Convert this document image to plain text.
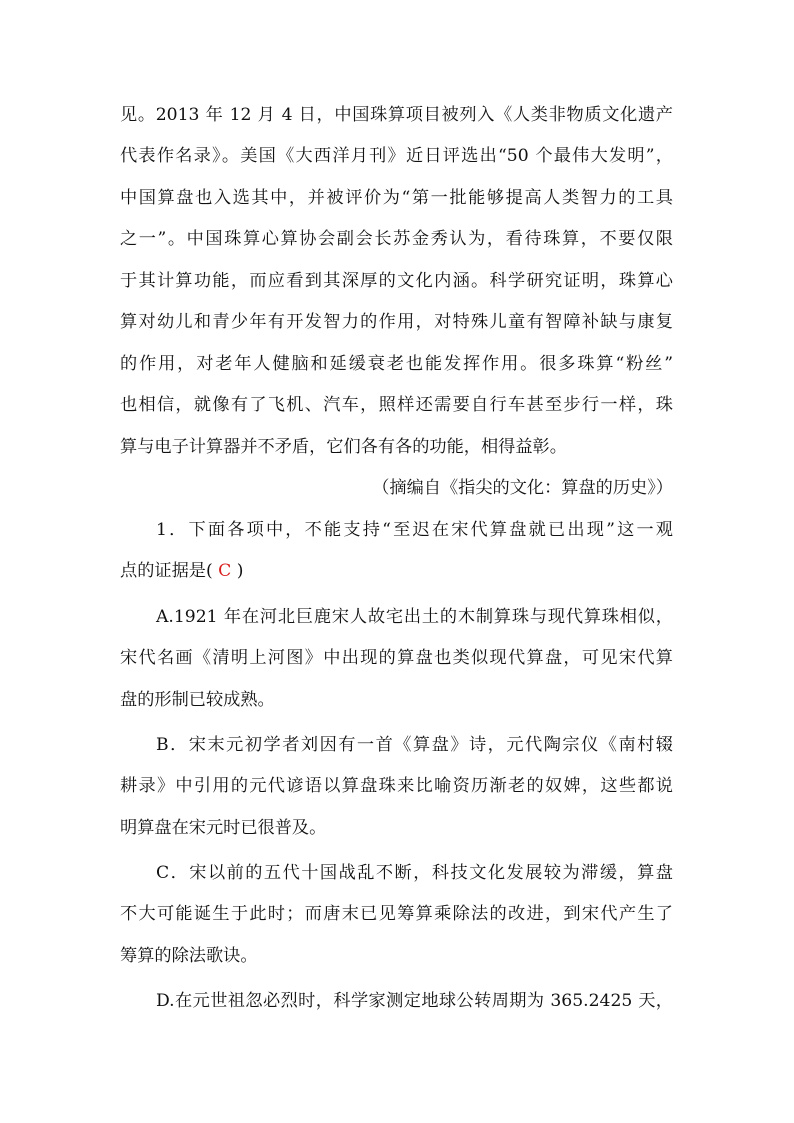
见。2013 年 12 月 4 日，中国珠算项目被列入《人类非物质文化遗产
代表作名录》。美国《大西洋月刊》近日评选出“50 个最伟大发明”，
中国算盘也入选其中，并被评价为“第一批能够提高人类智力的工具
之一”。中国珠算心算协会副会长苏金秀认为，看待珠算，不要仅限
于其计算功能，而应看到其深厚的文化内涵。科学研究证明，珠算心
算对幼儿和青少年有开发智力的作用，对特殊儿童有智障补缺与康复
的作用，对老年人健脑和延缓衰老也能发挥作用。很多珠算“粉丝”
也相信，就像有了飞机、汽车，照样还需要自行车甚至步行一样，珠
算与电子计算器并不矛盾，它们各有各的功能，相得益彰。
（摘编自《指尖的文化：算盘的历史》）
1．下面各项中，不能支持“至迟在宋代算盘就已出现”这一观
点的证据是( C )
A.1921 年在河北巨鹿宋人故宅出土的木制算珠与现代算珠相似，
宋代名画《清明上河图》中出现的算盘也类似现代算盘，可见宋代算
盘的形制已较成熟。
B．宋末元初学者刘因有一首《算盘》诗，元代陶宗仪《南村辍
耕录》中引用的元代谚语以算盘珠来比喻资历渐老的奴婢，这些都说
明算盘在宋元时已很普及。
C．宋以前的五代十国战乱不断，科技文化发展较为滞缓，算盘
不大可能诞生于此时；而唐末已见筹算乘除法的改进，到宋代产生了
筹算的除法歌诀。
D.在元世祖忽必烈时，科学家测定地球公转周期为 365.2425 天，
